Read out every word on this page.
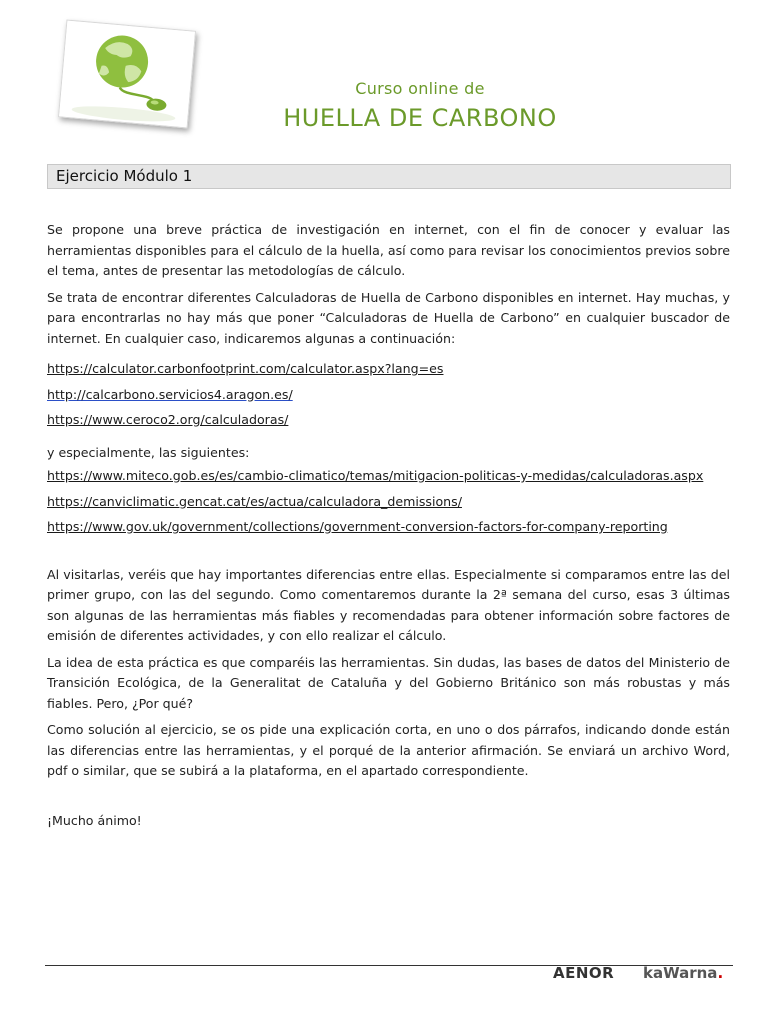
Curso online de
HUELLA DE CARBONO
Ejercicio Módulo 1

Se propone una breve práctica de investigación en internet, con el fin de conocer y evaluar las herramientas disponibles para el cálculo de la huella, así como para revisar los conocimientos previos sobre el tema, antes de presentar las metodologías de cálculo.

Se trata de encontrar diferentes Calculadoras de Huella de Carbono disponibles en internet. Hay muchas, y para encontrarlas no hay más que poner “Calculadoras de Huella de Carbono” en cualquier buscador de internet. En cualquier caso, indicaremos algunas a continuación:

https://calculator.carbonfootprint.com/calculator.aspx?lang=es
http://calcarbono.servicios4.aragon.es/
https://www.ceroco2.org/calculadoras/

y especialmente, las siguientes:

https://www.miteco.gob.es/es/cambio-climatico/temas/mitigacion-politicas-y-medidas/calculadoras.aspx
https://canviclimatic.gencat.cat/es/actua/calculadora_demissions/
https://www.gov.uk/government/collections/government-conversion-factors-for-company-reporting

Al visitarlas, veréis que hay importantes diferencias entre ellas. Especialmente si comparamos entre las del primer grupo, con las del segundo. Como comentaremos durante la 2ª semana del curso, esas 3 últimas son algunas de las herramientas más fiables y recomendadas para obtener información sobre factores de emisión de diferentes actividades, y con ello realizar el cálculo.

La idea de esta práctica es que comparéis las herramientas. Sin dudas, las bases de datos del Ministerio de Transición Ecológica, de la Generalitat de Cataluña y del Gobierno Británico son más robustas y más fiables. Pero, ¿Por qué?

Como solución al ejercicio, se os pide una explicación corta, en uno o dos párrafos, indicando donde están las diferencias entre las herramientas, y el porqué de la anterior afirmación. Se enviará un archivo Word, pdf o similar, que se subirá a la plataforma, en el apartado correspondiente.

¡Mucho ánimo!

AENOR kaWarna.
